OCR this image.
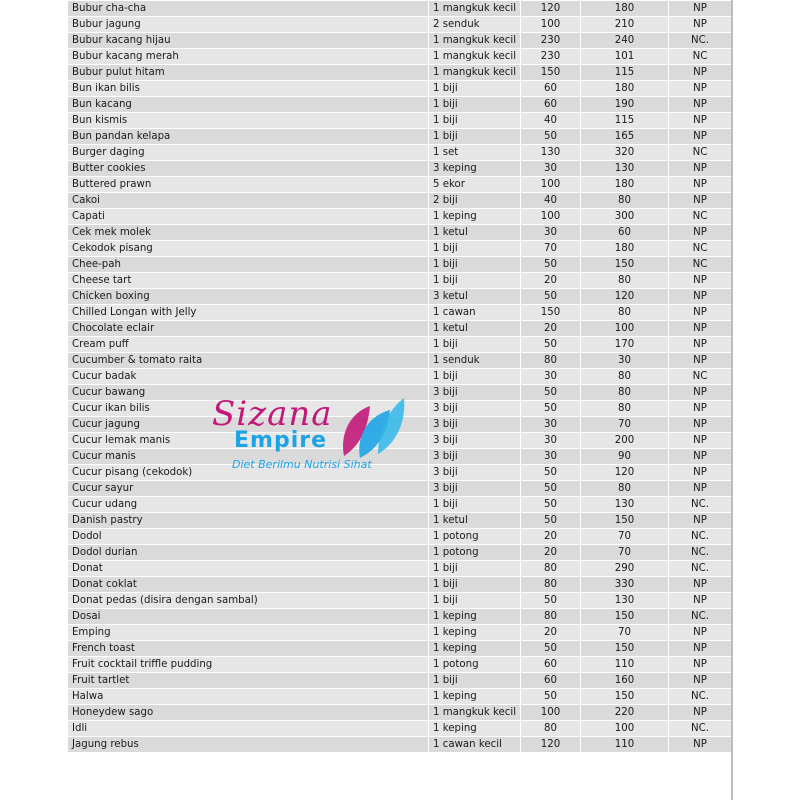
Bubur cha-cha	1 mangkuk kecil	120	180	NP
Bubur jagung	2 senduk	100	210	NP
Bubur kacang hijau	1 mangkuk kecil	230	240	NC.
Bubur kacang merah	1 mangkuk kecil	230	101	NC
Bubur pulut hitam	1 mangkuk kecil	150	115	NP
Bun ikan bilis	1 biji	60	180	NP
Bun kacang	1 biji	60	190	NP
Bun kismis	1 biji	40	115	NP
Bun pandan kelapa	1 biji	50	165	NP
Burger daging	1 set	130	320	NC
Butter cookies	3 keping	30	130	NP
Buttered prawn	5 ekor	100	180	NP
Cakoi	2 biji	40	80	NP
Capati	1 keping	100	300	NC
Cek mek molek	1 ketul	30	60	NP
Cekodok pisang	1 biji	70	180	NC
Chee-pah	1 biji	50	150	NC
Cheese tart	1 biji	20	80	NP
Chicken boxing	3 ketul	50	120	NP
Chilled Longan with Jelly	1 cawan	150	80	NP
Chocolate eclair	1 ketul	20	100	NP
Cream puff	1 biji	50	170	NP
Cucumber & tomato raita	1 senduk	80	30	NP
Cucur badak	1 biji	30	80	NC
Cucur bawang	3 biji	50	80	NP
Cucur ikan bilis	3 biji	50	80	NP
Cucur jagung	3 biji	30	70	NP
Cucur lemak manis	3 biji	30	200	NP
Cucur manis	3 biji	30	90	NP
Cucur pisang (cekodok)	3 biji	50	120	NP
Cucur sayur	3 biji	50	80	NP
Cucur udang	1 biji	50	130	NC.
Danish pastry	1 ketul	50	150	NP
Dodol	1 potong	20	70	NC.
Dodol durian	1 potong	20	70	NC.
Donat	1 biji	80	290	NC.
Donat coklat	1 biji	80	330	NP
Donat pedas (disira dengan sambal)	1 biji	50	130	NP
Dosai	1 keping	80	150	NC.
Emping	1 keping	20	70	NP
French toast	1 keping	50	150	NP
Fruit cocktail triffle pudding	1 potong	60	110	NP
Fruit tartlet	1 biji	60	160	NP
Halwa	1 keping	50	150	NC.
Honeydew sago	1 mangkuk kecil	100	220	NP
Idli	1 keping	80	100	NC.
Jagung rebus	1 cawan kecil	120	110	NP
Sizana
Empire
Diet Berilmu Nutrisi Sihat
